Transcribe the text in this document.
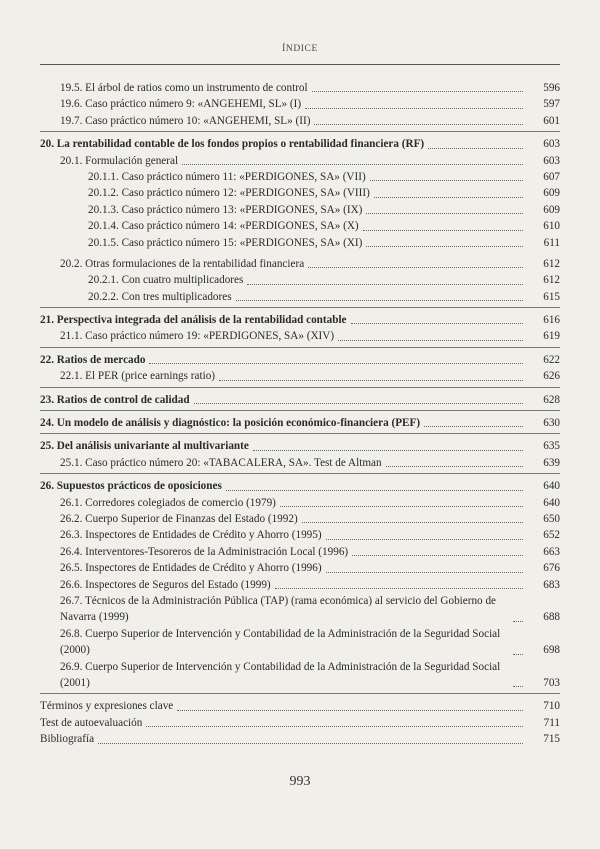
ÍNDICE
19.5. El árbol de ratios como un instrumento de control	596
19.6. Caso práctico número 9: «ANGEHEMI, SL» (I)	597
19.7. Caso práctico número 10: «ANGEHEMI, SL» (II)	601
20. La rentabilidad contable de los fondos propios o rentabilidad financiera (RF)	603
20.1. Formulación general	603
20.1.1. Caso práctico número 11: «PERDIGONES, SA» (VII)	607
20.1.2. Caso práctico número 12: «PERDIGONES, SA» (VIII)	609
20.1.3. Caso práctico número 13: «PERDIGONES, SA» (IX)	609
20.1.4. Caso práctico número 14: «PERDIGONES, SA» (X)	610
20.1.5. Caso práctico número 15: «PERDIGONES, SA» (XI)	611
20.2. Otras formulaciones de la rentabilidad financiera	612
20.2.1. Con cuatro multiplicadores	612
20.2.2. Con tres multiplicadores	615
21. Perspectiva integrada del análisis de la rentabilidad contable	616
21.1. Caso práctico número 19: «PERDIGONES, SA» (XIV)	619
22. Ratios de mercado	622
22.1. El PER (price earnings ratio)	626
23. Ratios de control de calidad	628
24. Un modelo de análisis y diagnóstico: la posición económico-financiera (PEF)	630
25. Del análisis univariante al multivariante	635
25.1. Caso práctico número 20: «TABACALERA, SA». Test de Altman	639
26. Supuestos prácticos de oposiciones	640
26.1. Corredores colegiados de comercio (1979)	640
26.2. Cuerpo Superior de Finanzas del Estado (1992)	650
26.3. Inspectores de Entidades de Crédito y Ahorro (1995)	652
26.4. Interventores-Tesoreros de la Administración Local (1996)	663
26.5. Inspectores de Entidades de Crédito y Ahorro (1996)	676
26.6. Inspectores de Seguros del Estado (1999)	683
26.7. Técnicos de la Administración Pública (TAP) (rama económica) al servicio del Gobierno de Navarra (1999)	688
26.8. Cuerpo Superior de Intervención y Contabilidad de la Administración de la Seguridad Social (2000)	698
26.9. Cuerpo Superior de Intervención y Contabilidad de la Administración de la Seguridad Social (2001)	703
Términos y expresiones clave	710
Test de autoevaluación	711
Bibliografía	715
993
